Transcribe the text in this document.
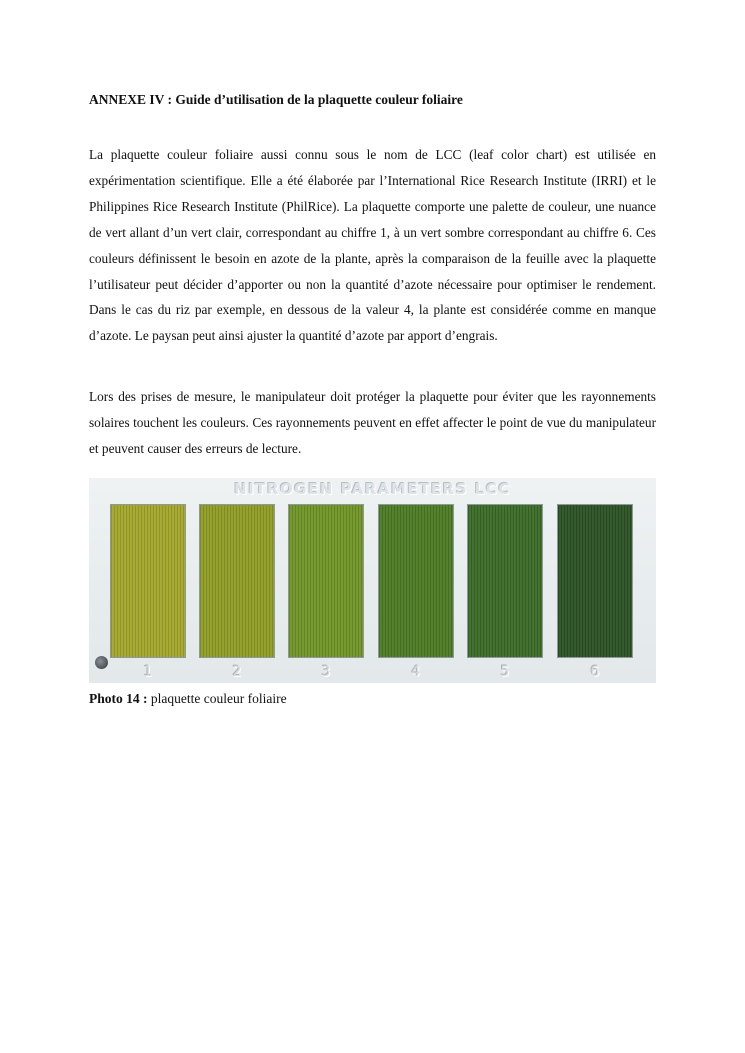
ANNEXE IV : Guide d’utilisation de la plaquette couleur foliaire

La plaquette couleur foliaire aussi connu sous le nom de LCC (leaf color chart) est utilisée en expérimentation scientifique. Elle a été élaborée par l’International Rice Research Institute (IRRI) et le Philippines Rice Research Institute (PhilRice). La plaquette comporte une palette de couleur, une nuance de vert allant d’un vert clair, correspondant au chiffre 1, à un vert sombre correspondant au chiffre 6. Ces couleurs définissent le besoin en azote de la plante, après la comparaison de la feuille avec la plaquette l’utilisateur peut décider d’apporter ou non la quantité d’azote nécessaire pour optimiser le rendement. Dans le cas du riz par exemple, en dessous de la valeur 4, la plante est considérée comme en manque d’azote. Le paysan peut ainsi ajuster la quantité d’azote par apport d’engrais.

Lors des prises de mesure, le manipulateur doit protéger la plaquette pour éviter que les rayonnements solaires touchent les couleurs. Ces rayonnements peuvent en effet affecter le point de vue du manipulateur et peuvent causer des erreurs de lecture.

NITROGEN PARAMETERS LCC
1	2	3	4	5	6
Photo 14 : plaquette couleur foliaire
